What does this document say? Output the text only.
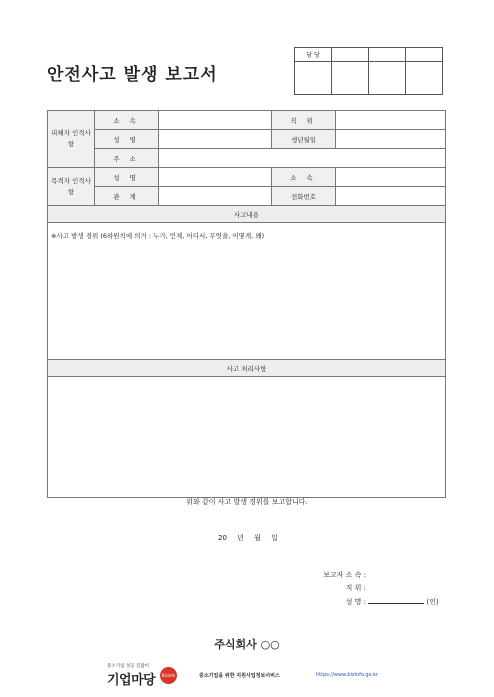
안전사고 발생 보고서
담 당			

피해자 인적사항	소 속		직 위	
	성 명		생년월일	
	주 소			
목격자 인적사항	성 명		소 속	
	관 계		전화번호	
사고내용				
※사고 발생 경위 (6하원칙에 의거 : 누가, 언제, 어디서, 무엇을, 어떻게, 왜)				
사고 처리사항				

위와 같이 사고 발생 경위를 보고합니다.
20 년 월 일
보고자 소 속 :
직 위 :
성 명 :	(인)
주식회사 ○○
중소기업 성공 길잡이
기업마당	Bizinfo	중소기업을 위한 지원사업정보서비스	https://www.bizinfo.go.kr
